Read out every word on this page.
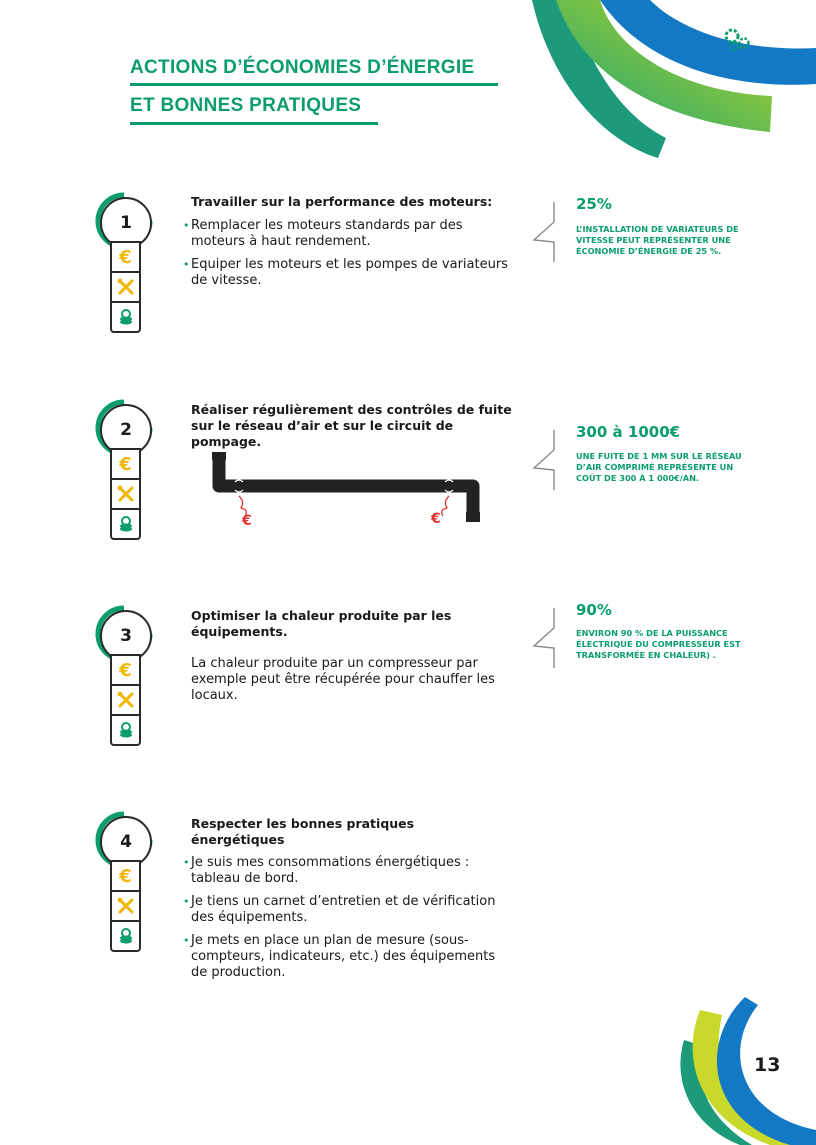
ACTIONS D’ÉCONOMIES D’ÉNERGIE
ET BONNES PRATIQUES
1
€
Travailler sur la performance des moteurs:
• Remplacer les moteurs standards par des moteurs à haut rendement.
• Equiper les moteurs et les pompes de variateurs de vitesse.
25%
L’INSTALLATION DE VARIATEURS DE VITESSE PEUT REPRÉSENTER UNE ÉCONOMIE D’ÉNERGIE DE 25 %.
2
€
Réaliser régulièrement des contrôles de fuite sur le réseau d’air et sur le circuit de pompage.
€	€
300 à 1000€
UNE FUITE DE 1 MM SUR LE RÉSEAU D’AIR COMPRIMÉ REPRÉSENTE UN COÛT DE 300 À 1 000€/AN.
3
€
Optimiser la chaleur produite par les équipements.
La chaleur produite par un compresseur par exemple peut être récupérée pour chauffer les locaux.
90%
ENVIRON 90 % DE LA PUISSANCE ÉLECTRIQUE DU COMPRESSEUR EST TRANSFORMÉE EN CHALEUR) .
4
€
Respecter les bonnes pratiques énergétiques
• Je suis mes consommations énergétiques : tableau de bord.
• Je tiens un carnet d’entretien et de vérification des équipements.
• Je mets en place un plan de mesure (sous-compteurs, indicateurs, etc.) des équipements de production.
13
